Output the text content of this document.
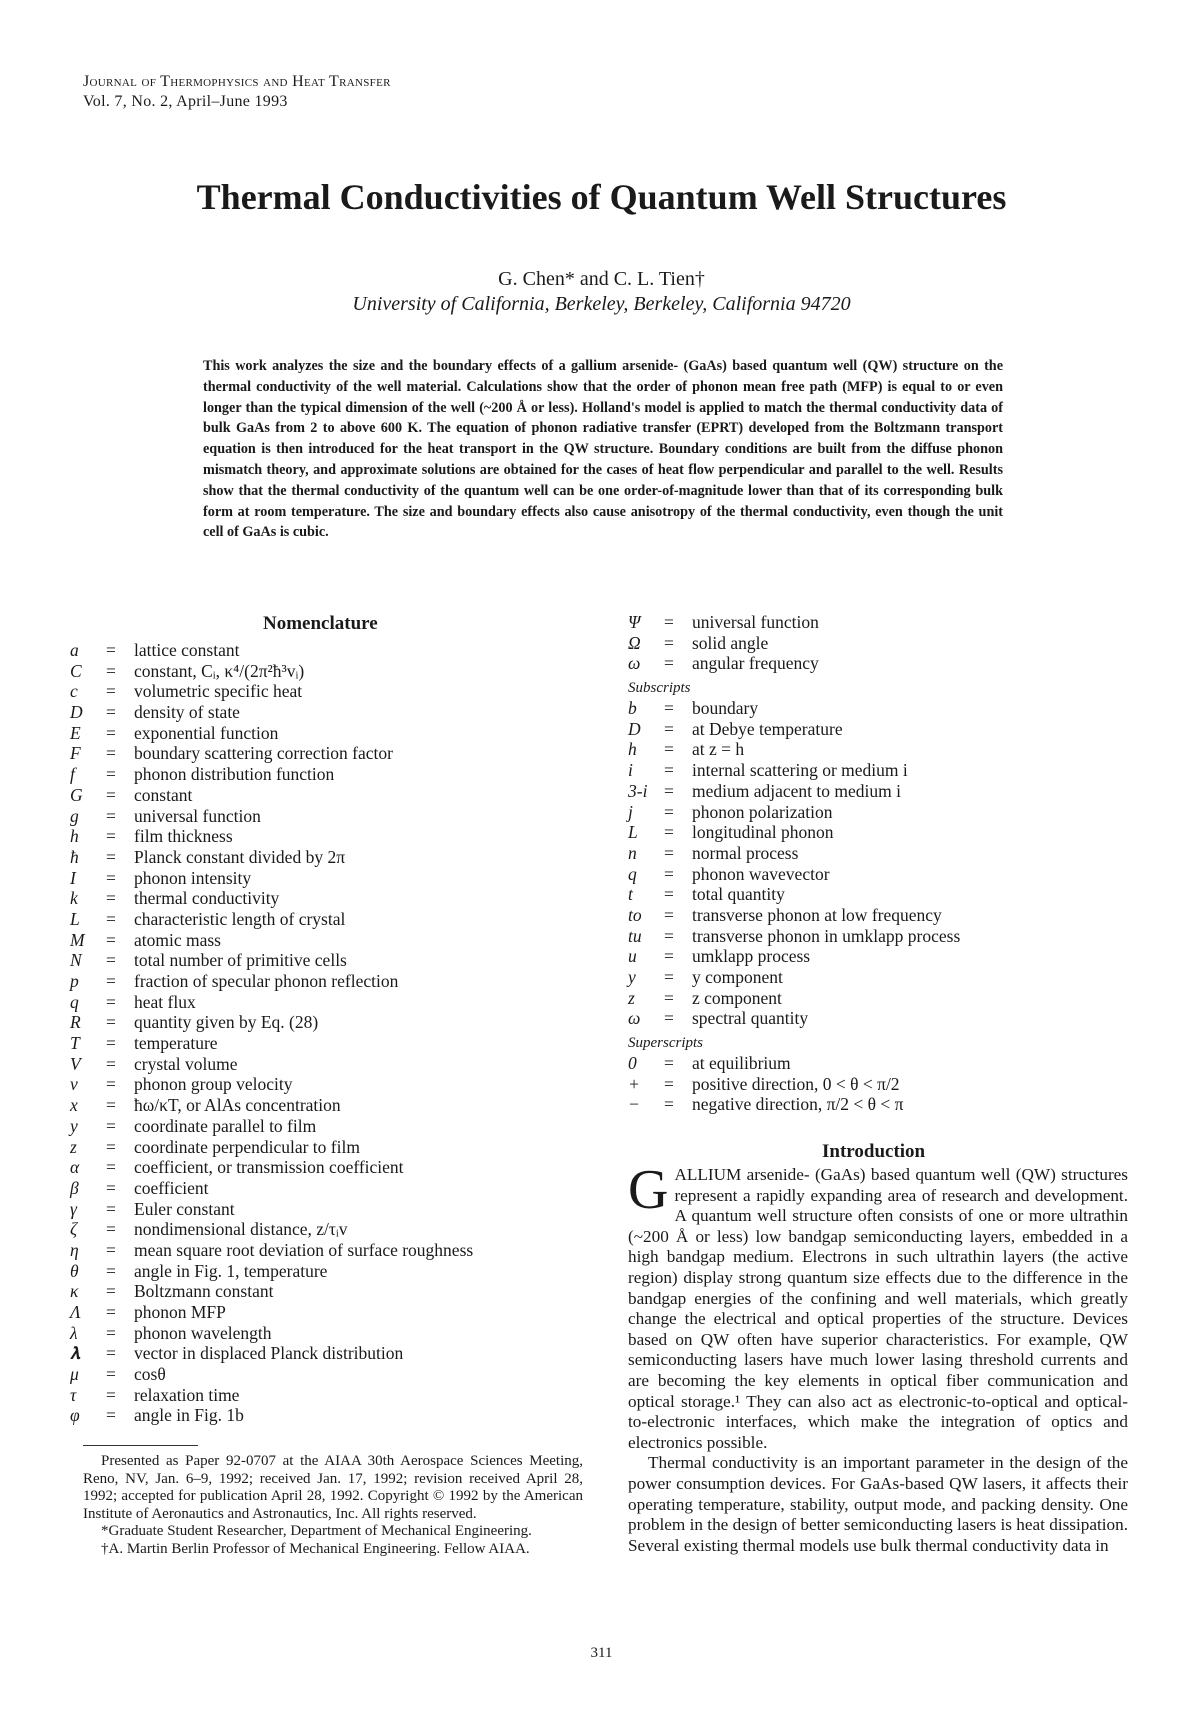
Journal of Thermophysics and Heat Transfer
Vol. 7, No. 2, April–June 1993
Thermal Conductivities of Quantum Well Structures
G. Chen* and C. L. Tien†
University of California, Berkeley, Berkeley, California 94720
This work analyzes the size and the boundary effects of a gallium arsenide- (GaAs) based quantum well (QW) structure on the thermal conductivity of the well material. Calculations show that the order of phonon mean free path (MFP) is equal to or even longer than the typical dimension of the well (~200 Å or less). Holland's model is applied to match the thermal conductivity data of bulk GaAs from 2 to above 600 K. The equation of phonon radiative transfer (EPRT) developed from the Boltzmann transport equation is then introduced for the heat transport in the QW structure. Boundary conditions are built from the diffuse phonon mismatch theory, and approximate solutions are obtained for the cases of heat flow perpendicular and parallel to the well. Results show that the thermal conductivity of the quantum well can be one order-of-magnitude lower than that of its corresponding bulk form at room temperature. The size and boundary effects also cause anisotropy of the thermal conductivity, even though the unit cell of GaAs is cubic.
Nomenclature
a = lattice constant
C = constant, Cᵢ, κ⁴/(2π²ħ³vᵢ)
c = volumetric specific heat
D = density of state
E = exponential function
F = boundary scattering correction factor
f = phonon distribution function
G = constant
g = universal function
h = film thickness
ħ = Planck constant divided by 2π
I = phonon intensity
k = thermal conductivity
L = characteristic length of crystal
M = atomic mass
N = total number of primitive cells
p = fraction of specular phonon reflection
q = heat flux
R = quantity given by Eq. (28)
T = temperature
V = crystal volume
v = phonon group velocity
x = ħω/κT, or AlAs concentration
y = coordinate parallel to film
z = coordinate perpendicular to film
α = coefficient, or transmission coefficient
β = coefficient
γ = Euler constant
ζ = nondimensional distance, z/τᵢv
η = mean square root deviation of surface roughness
θ = angle in Fig. 1, temperature
κ = Boltzmann constant
Λ = phonon MFP
λ = phonon wavelength
𝛌 = vector in displaced Planck distribution
μ = cosθ
τ = relaxation time
φ = angle in Fig. 1b
Ψ = universal function
Ω = solid angle
ω = angular frequency
Subscripts
b = boundary
D = at Debye temperature
h = at z = h
i = internal scattering or medium i
3-i = medium adjacent to medium i
j = phonon polarization
L = longitudinal phonon
n = normal process
q = phonon wavevector
t = total quantity
to = transverse phonon at low frequency
tu = transverse phonon in umklapp process
u = umklapp process
y = y component
z = z component
ω = spectral quantity
Superscripts
0 = at equilibrium
+ = positive direction, 0 < θ < π/2
− = negative direction, π/2 < θ < π
Introduction

GALLIUM arsenide- (GaAs) based quantum well (QW) structures represent a rapidly expanding area of research and development. A quantum well structure often consists of one or more ultrathin (~200 Å or less) low bandgap semiconducting layers, embedded in a high bandgap medium. Electrons in such ultrathin layers (the active region) display strong quantum size effects due to the difference in the bandgap energies of the confining and well materials, which greatly change the electrical and optical properties of the structure. Devices based on QW often have superior characteristics. For example, QW semiconducting lasers have much lower lasing threshold currents and are becoming the key elements in optical fiber communication and optical storage.¹ They can also act as electronic-to-optical and optical-to-electronic interfaces, which make the integration of optics and electronics possible.

Thermal conductivity is an important parameter in the design of the power consumption devices. For GaAs-based QW lasers, it affects their operating temperature, stability, output mode, and packing density. One problem in the design of better semiconducting lasers is heat dissipation. Several existing thermal models use bulk thermal conductivity data in

Presented as Paper 92-0707 at the AIAA 30th Aerospace Sciences Meeting, Reno, NV, Jan. 6–9, 1992; received Jan. 17, 1992; revision received April 28, 1992; accepted for publication April 28, 1992. Copyright © 1992 by the American Institute of Aeronautics and Astronautics, Inc. All rights reserved.

*Graduate Student Researcher, Department of Mechanical Engineering.

†A. Martin Berlin Professor of Mechanical Engineering. Fellow AIAA.

311
